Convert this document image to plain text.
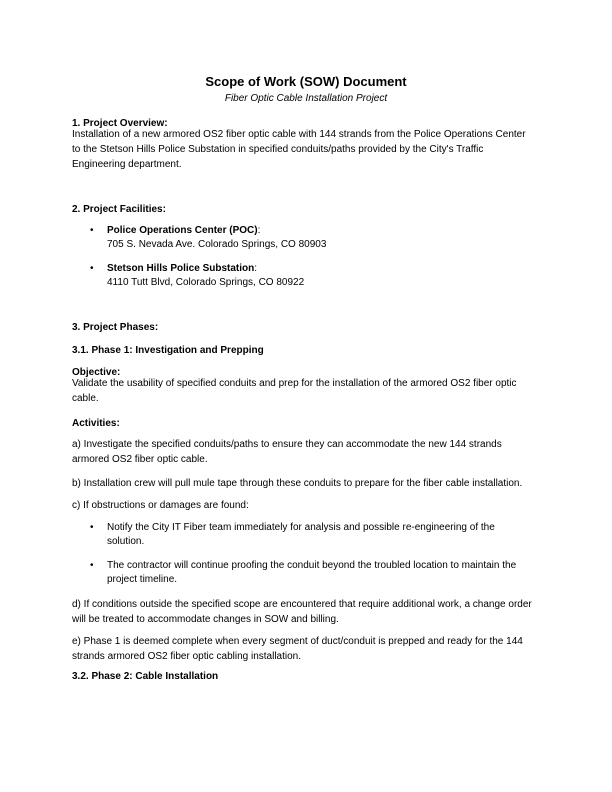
Scope of Work (SOW) Document
Fiber Optic Cable Installation Project
1. Project Overview:
Installation of a new armored OS2 fiber optic cable with 144 strands from the Police Operations Center
to the Stetson Hills Police Substation in specified conduits/paths provided by the City's Traffic
Engineering department.
2. Project Facilities:
• Police Operations Center (POC):
705 S. Nevada Ave. Colorado Springs, CO 80903
• Stetson Hills Police Substation:
4110 Tutt Blvd, Colorado Springs, CO 80922
3. Project Phases:
3.1. Phase 1: Investigation and Prepping
Objective:
Validate the usability of specified conduits and prep for the installation of the armored OS2 fiber optic
cable.
Activities:
a) Investigate the specified conduits/paths to ensure they can accommodate the new 144 strands
armored OS2 fiber optic cable.
b) Installation crew will pull mule tape through these conduits to prepare for the fiber cable installation.
c) If obstructions or damages are found:
• Notify the City IT Fiber team immediately for analysis and possible re-engineering of the
solution.
• The contractor will continue proofing the conduit beyond the troubled location to maintain the
project timeline.
d) If conditions outside the specified scope are encountered that require additional work, a change order
will be treated to accommodate changes in SOW and billing.
e) Phase 1 is deemed complete when every segment of duct/conduit is prepped and ready for the 144
strands armored OS2 fiber optic cabling installation.
3.2. Phase 2: Cable Installation
